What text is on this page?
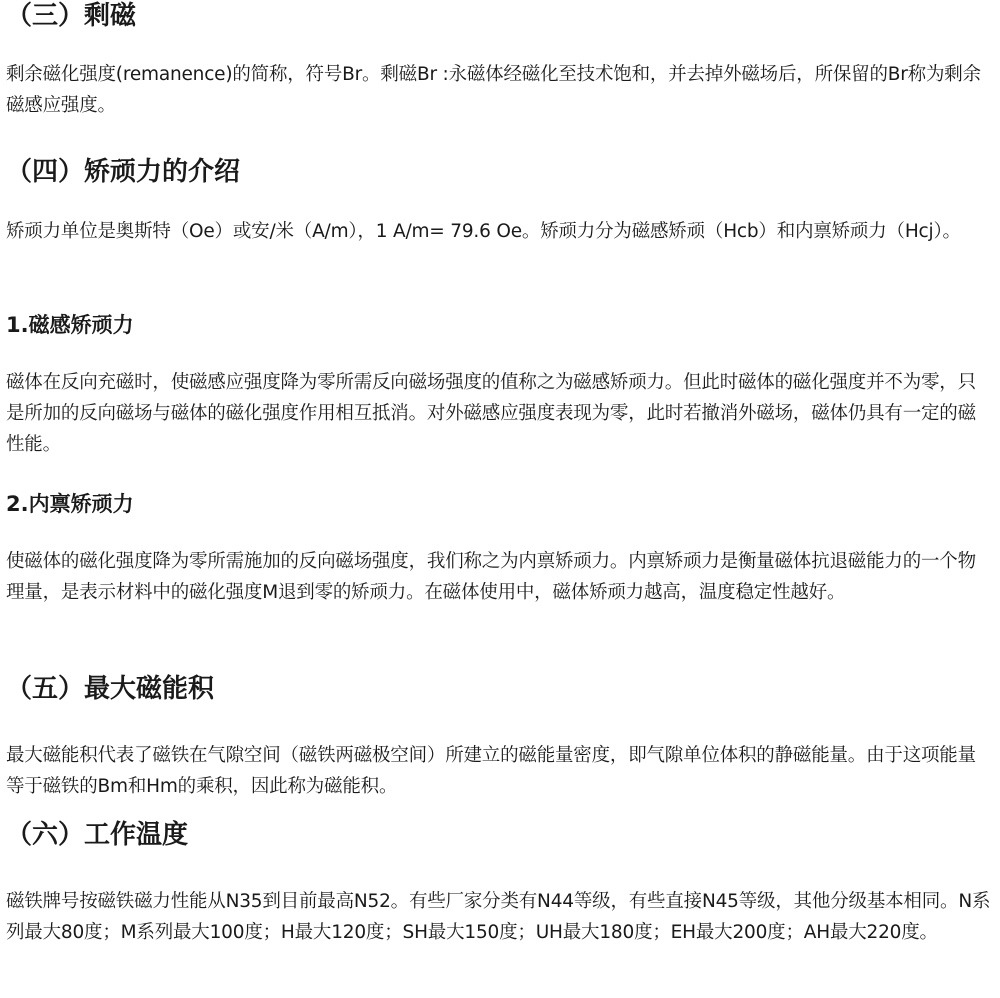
（三）剩磁

剩余磁化强度(remanence)的简称，符号Br。剩磁Br :永磁体经磁化至技术饱和，并去掉外磁场后，所保留的Br称为剩余磁感应强度。

（四）矫顽力的介绍

矫顽力单位是奥斯特（Oe）或安/米（A/m），1 A/m= 79.6 Oe。矫顽力分为磁感矫顽（Hcb）和内禀矫顽力（Hcj）。

1.磁感矫顽力

磁体在反向充磁时，使磁感应强度降为零所需反向磁场强度的值称之为磁感矫顽力。但此时磁体的磁化强度并不为零，只是所加的反向磁场与磁体的磁化强度作用相互抵消。对外磁感应强度表现为零，此时若撤消外磁场，磁体仍具有一定的磁性能。

2.内禀矫顽力

使磁体的磁化强度降为零所需施加的反向磁场强度，我们称之为内禀矫顽力。内禀矫顽力是衡量磁体抗退磁能力的一个物理量，是表示材料中的磁化强度M退到零的矫顽力。在磁体使用中，磁体矫顽力越高，温度稳定性越好。

（五）最大磁能积

最大磁能积代表了磁铁在气隙空间（磁铁两磁极空间）所建立的磁能量密度，即气隙单位体积的静磁能量。由于这项能量等于磁铁的Bm和Hm的乘积，因此称为磁能积。

（六）工作温度

磁铁牌号按磁铁磁力性能从N35到目前最高N52。有些厂家分类有N44等级，有些直接N45等级，其他分级基本相同。N系列最大80度；M系列最大100度；H最大120度；SH最大150度；UH最大180度；EH最大200度；AH最大220度。
